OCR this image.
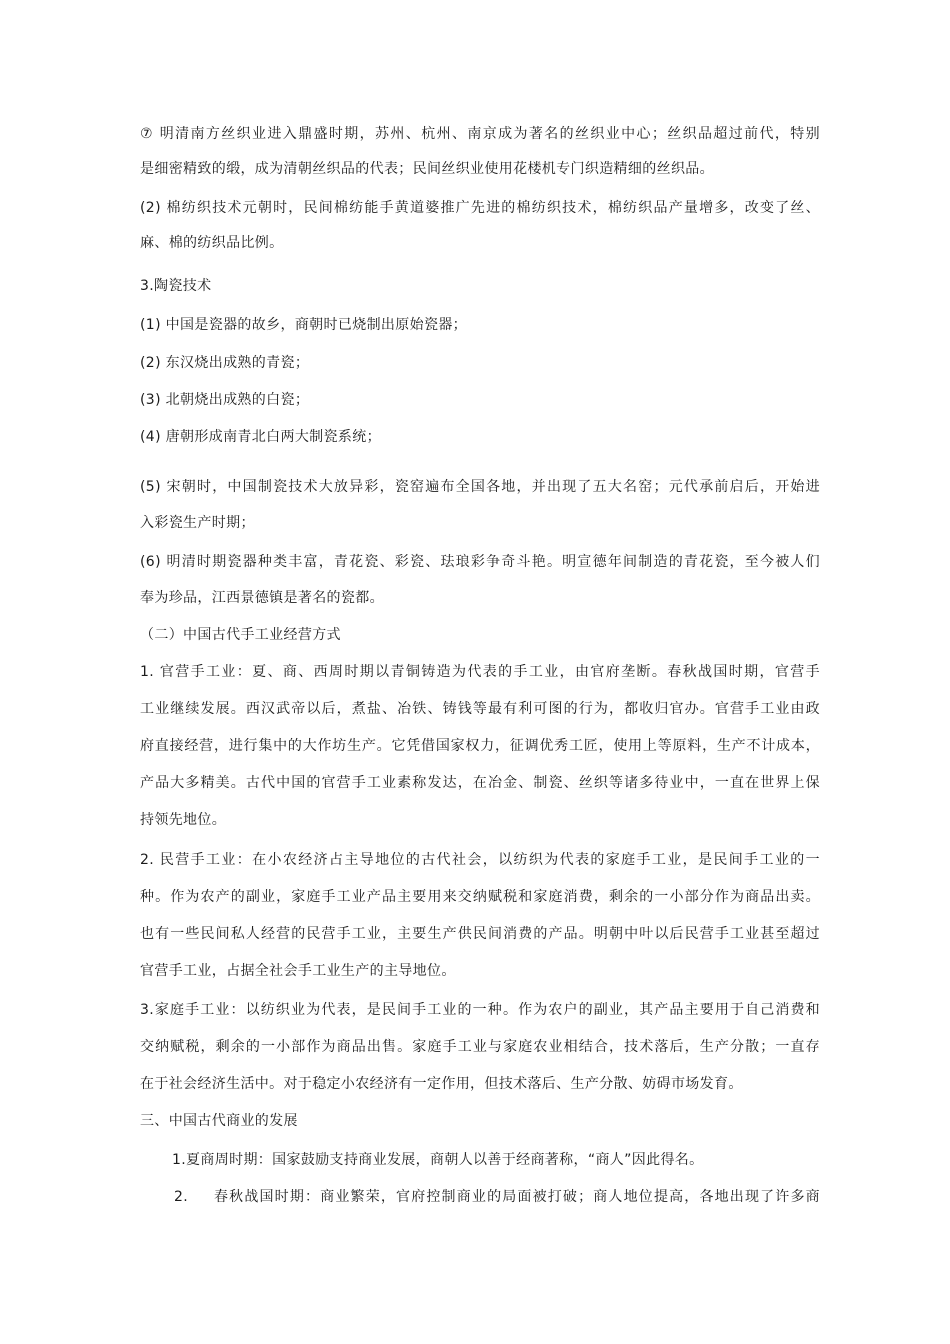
⑦ 明清南方丝织业进入鼎盛时期，苏州、杭州、南京成为著名的丝织业中心；丝织品超过前代，特别
是细密精致的缎，成为清朝丝织品的代表；民间丝织业使用花楼机专门织造精细的丝织品。
(2) 棉纺织技术元朝时，民间棉纺能手黄道婆推广先进的棉纺织技术，棉纺织品产量增多，改变了丝、
麻、棉的纺织品比例。
3.陶瓷技术
(1) 中国是瓷器的故乡，商朝时已烧制出原始瓷器；
(2) 东汉烧出成熟的青瓷；
(3) 北朝烧出成熟的白瓷；
(4) 唐朝形成南青北白两大制瓷系统；
(5) 宋朝时，中国制瓷技术大放异彩，瓷窑遍布全国各地，并出现了五大名窑；元代承前启后，开始进
入彩瓷生产时期；
(6) 明清时期瓷器种类丰富，青花瓷、彩瓷、珐琅彩争奇斗艳。明宣德年间制造的青花瓷，至今被人们
奉为珍品，江西景德镇是著名的瓷都。
（二）中国古代手工业经营方式
1. 官营手工业：夏、商、西周时期以青铜铸造为代表的手工业，由官府垄断。春秋战国时期，官营手
工业继续发展。西汉武帝以后，煮盐、冶铁、铸钱等最有利可图的行为，都收归官办。官营手工业由政
府直接经营，进行集中的大作坊生产。它凭借国家权力，征调优秀工匠，使用上等原料，生产不计成本，
产品大多精美。古代中国的官营手工业素称发达，在冶金、制瓷、丝织等诸多待业中，一直在世界上保
持领先地位。
2. 民营手工业：在小农经济占主导地位的古代社会，以纺织为代表的家庭手工业，是民间手工业的一
种。作为农产的副业，家庭手工业产品主要用来交纳赋税和家庭消费，剩余的一小部分作为商品出卖。
也有一些民间私人经营的民营手工业，主要生产供民间消费的产品。明朝中叶以后民营手工业甚至超过
官营手工业，占据全社会手工业生产的主导地位。
3.家庭手工业：以纺织业为代表，是民间手工业的一种。作为农户的副业，其产品主要用于自己消费和
交纳赋税，剩余的一小部作为商品出售。家庭手工业与家庭农业相结合，技术落后，生产分散；一直存
在于社会经济生活中。对于稳定小农经济有一定作用，但技术落后、生产分散、妨碍市场发育。
三、中国古代商业的发展
1.夏商周时期：国家鼓励支持商业发展，商朝人以善于经商著称，“商人”因此得名。
2.	春秋战国时期：商业繁荣，官府控制商业的局面被打破；商人地位提高，各地出现了许多商
